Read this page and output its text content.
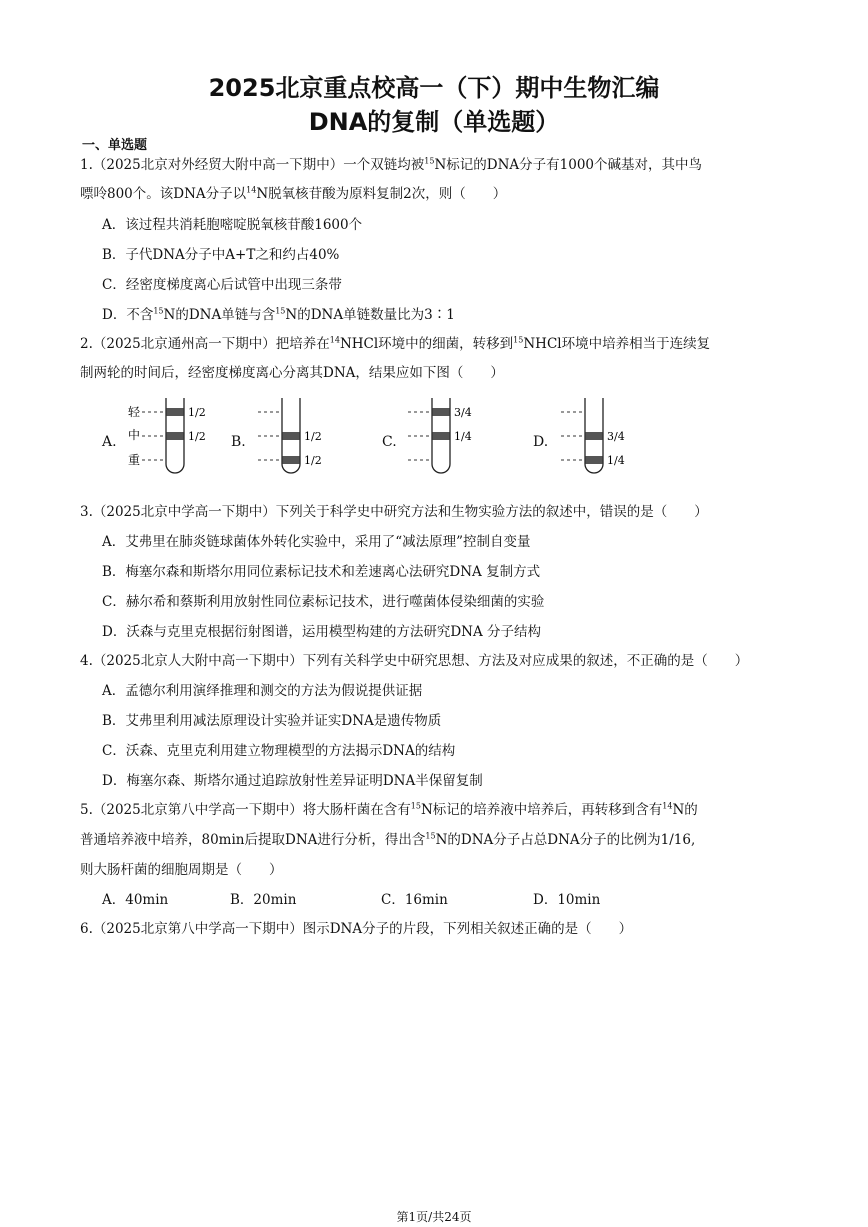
2025北京重点校高一（下）期中生物汇编
DNA的复制（单选题）
一、单选题
1.（2025北京对外经贸大附中高一下期中）一个双链均被$^{15}$N标记的DNA分子有1000个碱基对，其中鸟
嘌呤800个。该DNA分子以$^{14}$N脱氧核苷酸为原料复制2次，则（　　）
A．该过程共消耗胞嘧啶脱氧核苷酸1600个
B．子代DNA分子中A+T之和约占40%
C．经密度梯度离心后试管中出现三条带
D．不含$^{15}$N的DNA单链与含$^{15}$N的DNA单链数量比为3∶1
2.（2025北京通州高一下期中）把培养在$^{14}$NHCl环境中的细菌，转移到$^{15}$NHCl环境中培养相当于连续复
制两轮的时间后，经密度梯度离心分离其DNA，结果应如下图（　　）
A.
轻
中
重
1/2
1/2 B.	1/2
1/2
C.
3/4
1/4	D.	3/4
1/4
3.（2025北京中学高一下期中）下列关于科学史中研究方法和生物实验方法的叙述中，错误的是（　　）
A．艾弗里在肺炎链球菌体外转化实验中，采用了“减法原理”控制自变量
B．梅塞尔森和斯塔尔用同位素标记技术和差速离心法研究DNA 复制方式
C．赫尔希和蔡斯利用放射性同位素标记技术，进行噬菌体侵染细菌的实验
D．沃森与克里克根据衍射图谱，运用模型构建的方法研究DNA 分子结构
4.（2025北京人大附中高一下期中）下列有关科学史中研究思想、方法及对应成果的叙述，不正确的是（　　）
A．孟德尔利用演绎推理和测交的方法为假说提供证据
B．艾弗里利用减法原理设计实验并证实DNA是遗传物质
C．沃森、克里克利用建立物理模型的方法揭示DNA的结构
D．梅塞尔森、斯塔尔通过追踪放射性差异证明DNA半保留复制
5.（2025北京第八中学高一下期中）将大肠杆菌在含有$^{15}$N标记的培养液中培养后，再转移到含有$^{14}$N的
普通培养液中培养，80min后提取DNA进行分析，得出含$^{15}$N的DNA分子占总DNA分子的比例为1/16,
则大肠杆菌的细胞周期是（　　）
A．40min	B．20min	C．16min	D．10min
6.（2025北京第八中学高一下期中）图示DNA分子的片段，下列相关叙述正确的是（　　）
第1页/共24页
